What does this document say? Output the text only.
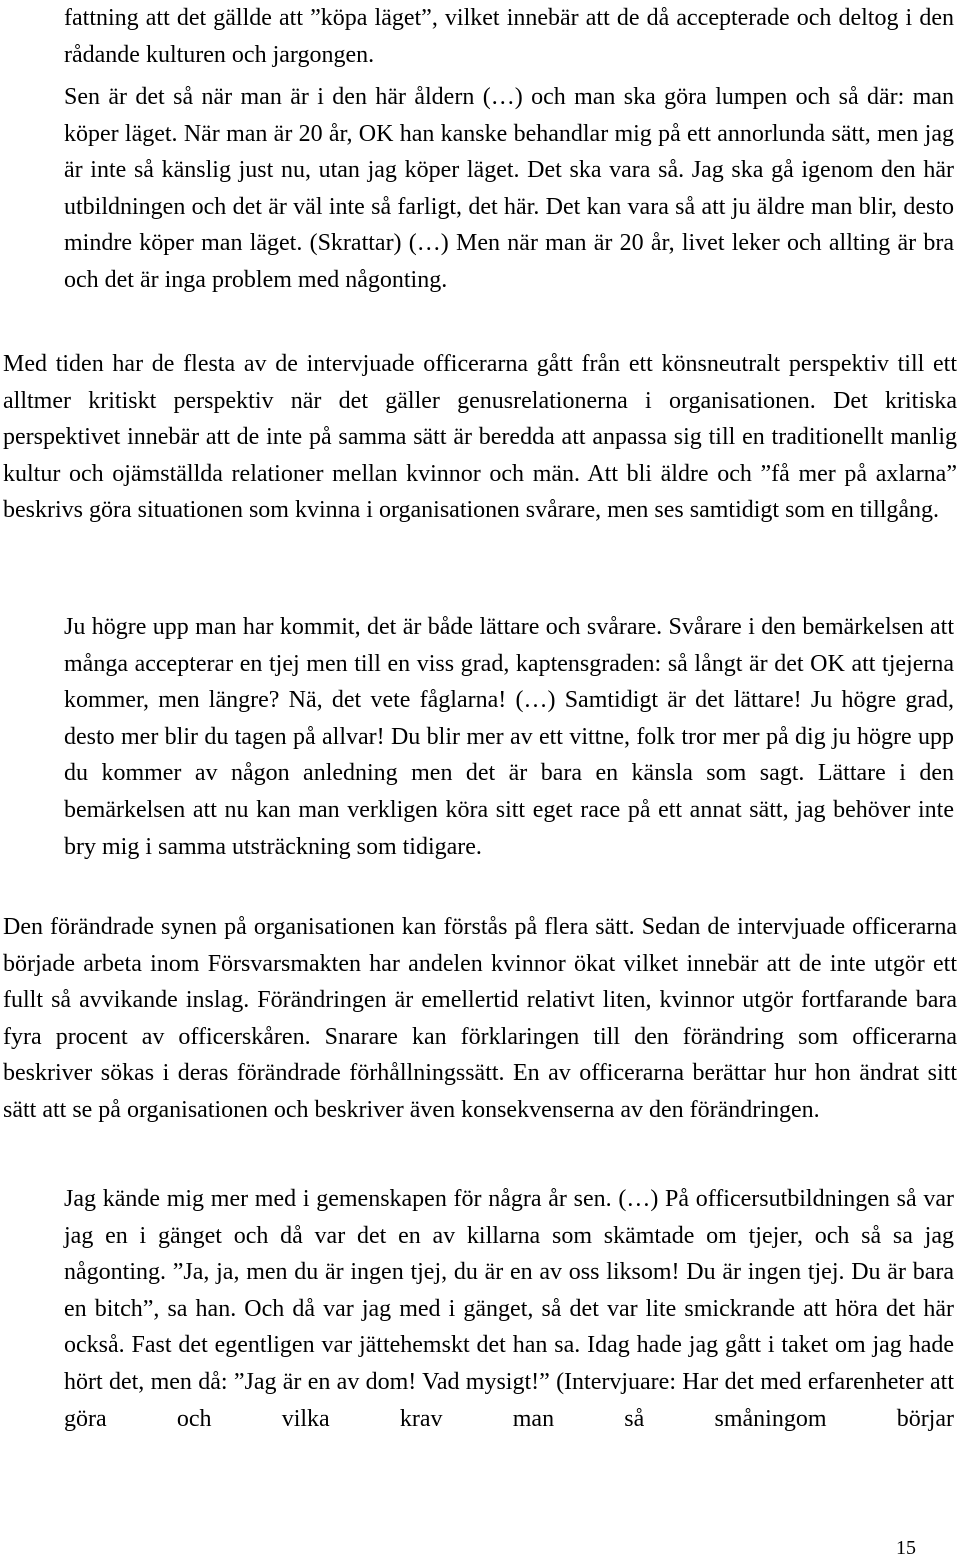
fattning att det gällde att ”köpa läget”, vilket innebär att de då accepterade och deltog i den rådande kulturen och jargongen.

Sen är det så när man är i den här åldern (…) och man ska göra lumpen och så där: man köper läget. När man är 20 år, OK han kanske behandlar mig på ett annorlunda sätt, men jag är inte så känslig just nu, utan jag köper läget. Det ska vara så. Jag ska gå igenom den här utbildningen och det är väl inte så farligt, det här. Det kan vara så att ju äldre man blir, desto mindre köper man läget. (Skrattar) (…) Men när man är 20 år, livet leker och allting är bra och det är inga problem med någonting.

Med tiden har de flesta av de intervjuade officerarna gått från ett könsneutralt perspektiv till ett alltmer kritiskt perspektiv när det gäller genusrelationerna i organisationen. Det kritiska perspektivet innebär att de inte på samma sätt är beredda att anpassa sig till en traditionellt manlig kultur och ojämställda relationer mellan kvinnor och män. Att bli äldre och ”få mer på axlarna” beskrivs göra situationen som kvinna i organisationen svårare, men ses samtidigt som en tillgång.

Ju högre upp man har kommit, det är både lättare och svårare. Svårare i den bemärkelsen att många accepterar en tjej men till en viss grad, kaptensgraden: så långt är det OK att tjejerna kommer, men längre? Nä, det vete fåglarna! (…) Samtidigt är det lättare! Ju högre grad, desto mer blir du tagen på allvar! Du blir mer av ett vittne, folk tror mer på dig ju högre upp du kommer av någon anledning men det är bara en känsla som sagt. Lättare i den bemärkelsen att nu kan man verkligen köra sitt eget race på ett annat sätt, jag behöver inte bry mig i samma utsträckning som tidigare.

Den förändrade synen på organisationen kan förstås på flera sätt. Sedan de intervjuade officerarna började arbeta inom Försvarsmakten har andelen kvinnor ökat vilket innebär att de inte utgör ett fullt så avvikande inslag. Förändringen är emellertid relativt liten, kvinnor utgör fortfarande bara fyra procent av officerskåren. Snarare kan förklaringen till den förändring som officerarna beskriver sökas i deras förändrade förhållningssätt. En av officerarna berättar hur hon ändrat sitt sätt att se på organisationen och beskriver även konsekvenserna av den förändringen.

Jag kände mig mer med i gemenskapen för några år sen. (…) På officersutbildningen så var jag en i gänget och då var det en av killarna som skämtade om tjejer, och så sa jag någonting. ”Ja, ja, men du är ingen tjej, du är en av oss liksom! Du är ingen tjej. Du är bara en bitch”, sa han. Och då var jag med i gänget, så det var lite smickrande att höra det här också. Fast det egentligen var jättehemskt det han sa. Idag hade jag gått i taket om jag hade hört det, men då: ”Jag är en av dom! Vad mysigt!” (Intervjuare: Har det med erfarenheter att göra och vilka krav man så småningom börjar

15
